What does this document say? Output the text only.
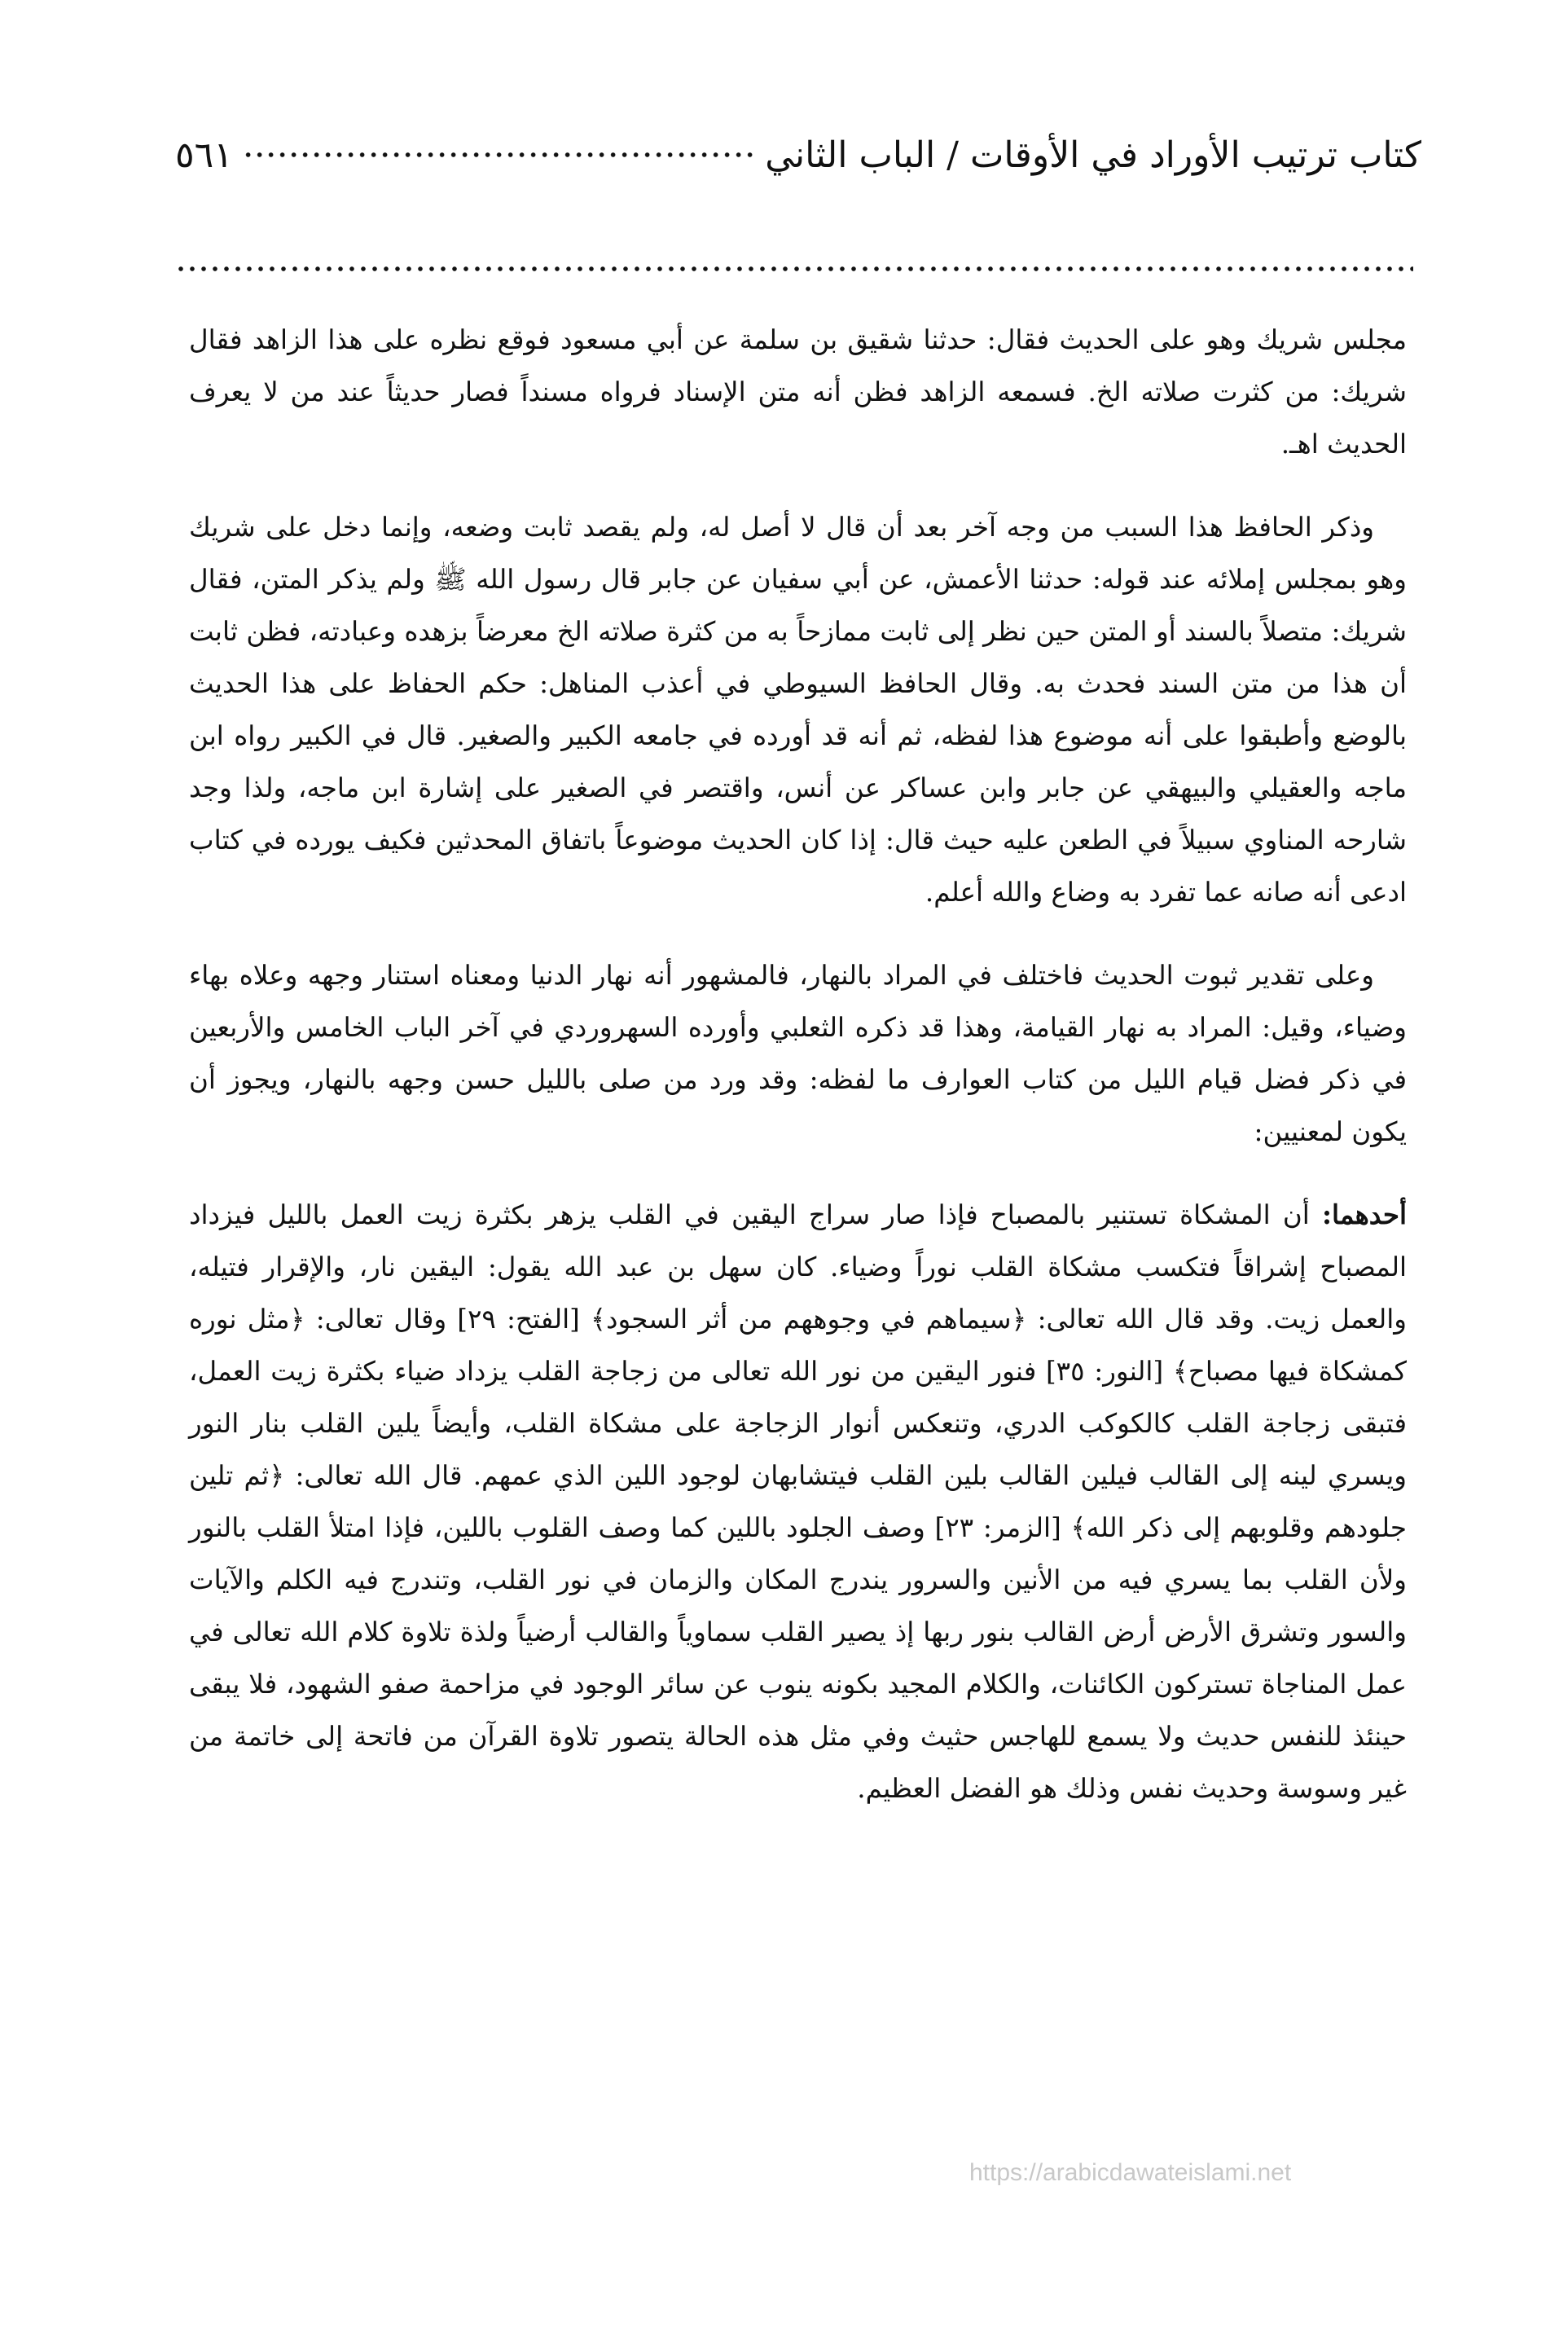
كتاب ترتيب الأوراد في الأوقات / الباب الثاني
٥٦١

مجلس شريك وهو على الحديث فقال: حدثنا شقيق بن سلمة عن أبي مسعود فوقع نظره على هذا الزاهد فقال شريك: من كثرت صلاته الخ. فسمعه الزاهد فظن أنه متن الإسناد فرواه مسنداً فصار حديثاً عند من لا يعرف الحديث اهـ.

وذكر الحافظ هذا السبب من وجه آخر بعد أن قال لا أصل له، ولم يقصد ثابت وضعه، وإنما دخل على شريك وهو بمجلس إملائه عند قوله: حدثنا الأعمش، عن أبي سفيان عن جابر قال رسول الله ﷺ ولم يذكر المتن، فقال شريك: متصلاً بالسند أو المتن حين نظر إلى ثابت ممازحاً به من كثرة صلاته الخ معرضاً بزهده وعبادته، فظن ثابت أن هذا من متن السند فحدث به. وقال الحافظ السيوطي في أعذب المناهل: حكم الحفاظ على هذا الحديث بالوضع وأطبقوا على أنه موضوع هذا لفظه، ثم أنه قد أورده في جامعه الكبير والصغير. قال في الكبير رواه ابن ماجه والعقيلي والبيهقي عن جابر وابن عساكر عن أنس، واقتصر في الصغير على إشارة ابن ماجه، ولذا وجد شارحه المناوي سبيلاً في الطعن عليه حيث قال: إذا كان الحديث موضوعاً باتفاق المحدثين فكيف يورده في كتاب ادعى أنه صانه عما تفرد به وضاع والله أعلم.

وعلى تقدير ثبوت الحديث فاختلف في المراد بالنهار، فالمشهور أنه نهار الدنيا ومعناه استنار وجهه وعلاه بهاء وضياء، وقيل: المراد به نهار القيامة، وهذا قد ذكره الثعلبي وأورده السهروردي في آخر الباب الخامس والأربعين في ذكر فضل قيام الليل من كتاب العوارف ما لفظه: وقد ورد من صلى بالليل حسن وجهه بالنهار، ويجوز أن يكون لمعنيين:

أحدهما: أن المشكاة تستنير بالمصباح فإذا صار سراج اليقين في القلب يزهر بكثرة زيت العمل بالليل فيزداد المصباح إشراقاً فتكسب مشكاة القلب نوراً وضياء. كان سهل بن عبد الله يقول: اليقين نار، والإقرار فتيله، والعمل زيت. وقد قال الله تعالى: ﴿سيماهم في وجوههم من أثر السجود﴾ [الفتح: ٢٩] وقال تعالى: ﴿مثل نوره كمشكاة فيها مصباح﴾ [النور: ٣٥] فنور اليقين من نور الله تعالى من زجاجة القلب يزداد ضياء بكثرة زيت العمل، فتبقى زجاجة القلب كالكوكب الدري، وتنعكس أنوار الزجاجة على مشكاة القلب، وأيضاً يلين القلب بنار النور ويسري لينه إلى القالب فيلين القالب بلين القلب فيتشابهان لوجود اللين الذي عمهم. قال الله تعالى: ﴿ثم تلين جلودهم وقلوبهم إلى ذكر الله﴾ [الزمر: ٢٣] وصف الجلود باللين كما وصف القلوب باللين، فإذا امتلأ القلب بالنور ولأن القلب بما يسري فيه من الأنين والسرور يندرج المكان والزمان في نور القلب، وتندرج فيه الكلم والآيات والسور وتشرق الأرض أرض القالب بنور ربها إذ يصير القلب سماوياً والقالب أرضياً ولذة تلاوة كلام الله تعالى في عمل المناجاة تستركون الكائنات، والكلام المجيد بكونه ينوب عن سائر الوجود في مزاحمة صفو الشهود، فلا يبقى حينئذ للنفس حديث ولا يسمع للهاجس حثيث وفي مثل هذه الحالة يتصور تلاوة القرآن من فاتحة إلى خاتمة من غير وسوسة وحديث نفس وذلك هو الفضل العظيم.

https://arabicdawateislami.net
